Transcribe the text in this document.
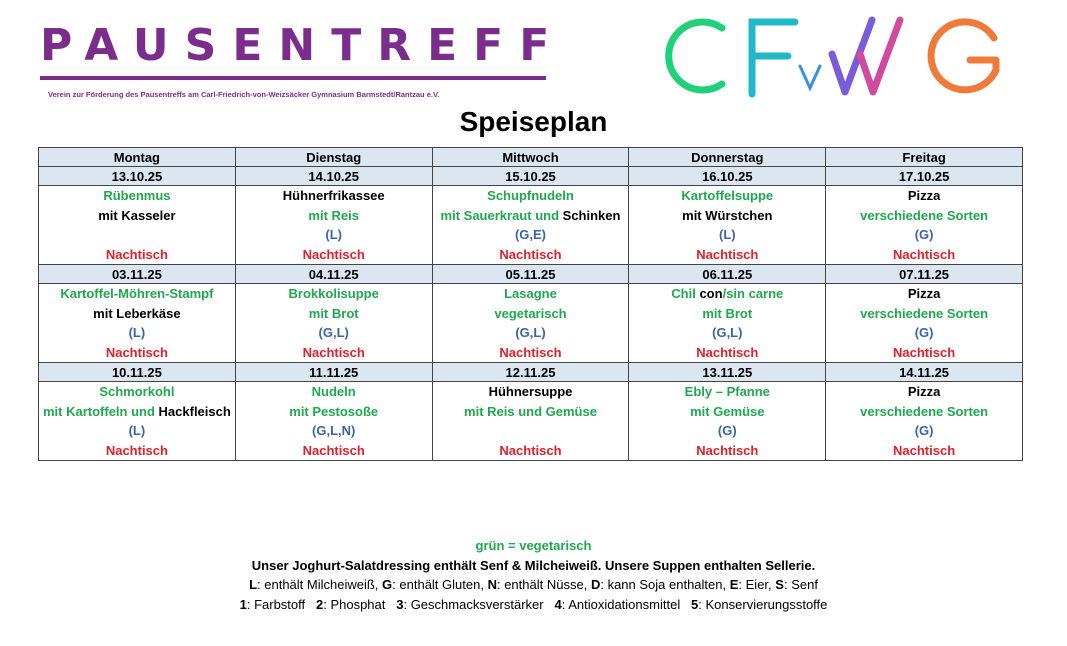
PAUSENTREFF
Verein zur Förderung des Pausentreffs am Carl-Friedrich-von-Weizsäcker Gymnasium Barmstedt/Rantzau e.V.
Speiseplan
Montag	Dienstag	Mittwoch	Donnerstag	Freitag
13.10.25	14.10.25	15.10.25	16.10.25	17.10.25
Rübenmus	Hühnerfrikassee	Schupfnudeln	Kartoffelsuppe	Pizza
mit Kasseler	mit Reis	mit Sauerkraut und Schinken	mit Würstchen	verschiedene Sorten
	(L)	(G,E)	(L)	(G)
Nachtisch	Nachtisch	Nachtisch	Nachtisch	Nachtisch
03.11.25	04.11.25	05.11.25	06.11.25	07.11.25
Kartoffel-Möhren-Stampf	Brokkolisuppe	Lasagne	Chil con/sin carne	Pizza
mit Leberkäse	mit Brot	vegetarisch	mit Brot	verschiedene Sorten
(L)	(G,L)	(G,L)	(G,L)	(G)
Nachtisch	Nachtisch	Nachtisch	Nachtisch	Nachtisch
10.11.25	11.11.25	12.11.25	13.11.25	14.11.25
Schmorkohl	Nudeln	Hühnersuppe	Ebly – Pfanne	Pizza
mit Kartoffeln und Hackfleisch	mit Pestosoße	mit Reis und Gemüse	mit Gemüse	verschiedene Sorten
(L)	(G,L,N)		(G)	(G)
Nachtisch	Nachtisch	Nachtisch	Nachtisch	Nachtisch
grün = vegetarisch
Unser Joghurt-Salatdressing enthält Senf & Milcheiweiß. Unsere Suppen enthalten Sellerie.
L: enthält Milcheiweiß, G: enthält Gluten, N: enthält Nüsse, D: kann Soja enthalten, E: Eier, S: Senf
1: Farbstoff 2: Phosphat 3: Geschmacksverstärker 4: Antioxidationsmittel 5: Konservierungsstoffe
